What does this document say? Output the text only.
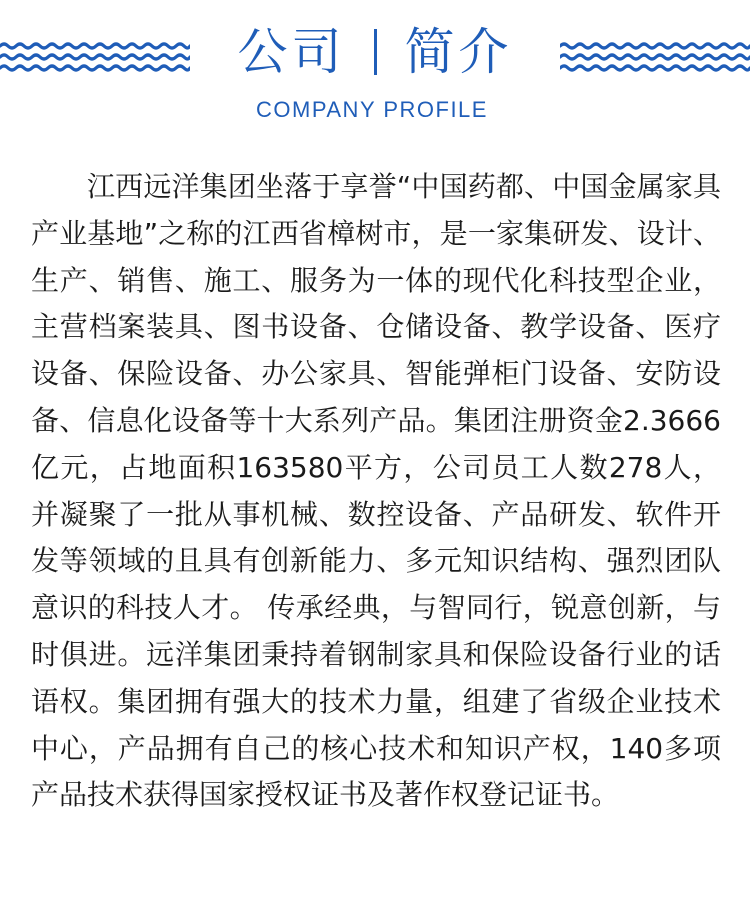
公司 简介
COMPANY PROFILE

江西远洋集团坐落于享誉“中国药都、中国金属家具产业基地”之称的江西省樟树市，是一家集研发、设计、生产、销售、施工、服务为一体的现代化科技型企业，主营档案装具、图书设备、仓储设备、教学设备、医疗设备、保险设备、办公家具、智能弹柜门设备、安防设备、信息化设备等十大系列产品。集团注册资金2.3666亿元，占地面积163580平方，公司员工人数278人，并凝聚了一批从事机械、数控设备、产品研发、软件开发等领域的且具有创新能力、多元知识结构、强烈团队意识的科技人才。 传承经典，与智同行，锐意创新，与时俱进。远洋集团秉持着钢制家具和保险设备行业的话语权。集团拥有强大的技术力量，组建了省级企业技术中心，产品拥有自己的核心技术和知识产权，140多项产品技术获得国家授权证书及著作权登记证书。
